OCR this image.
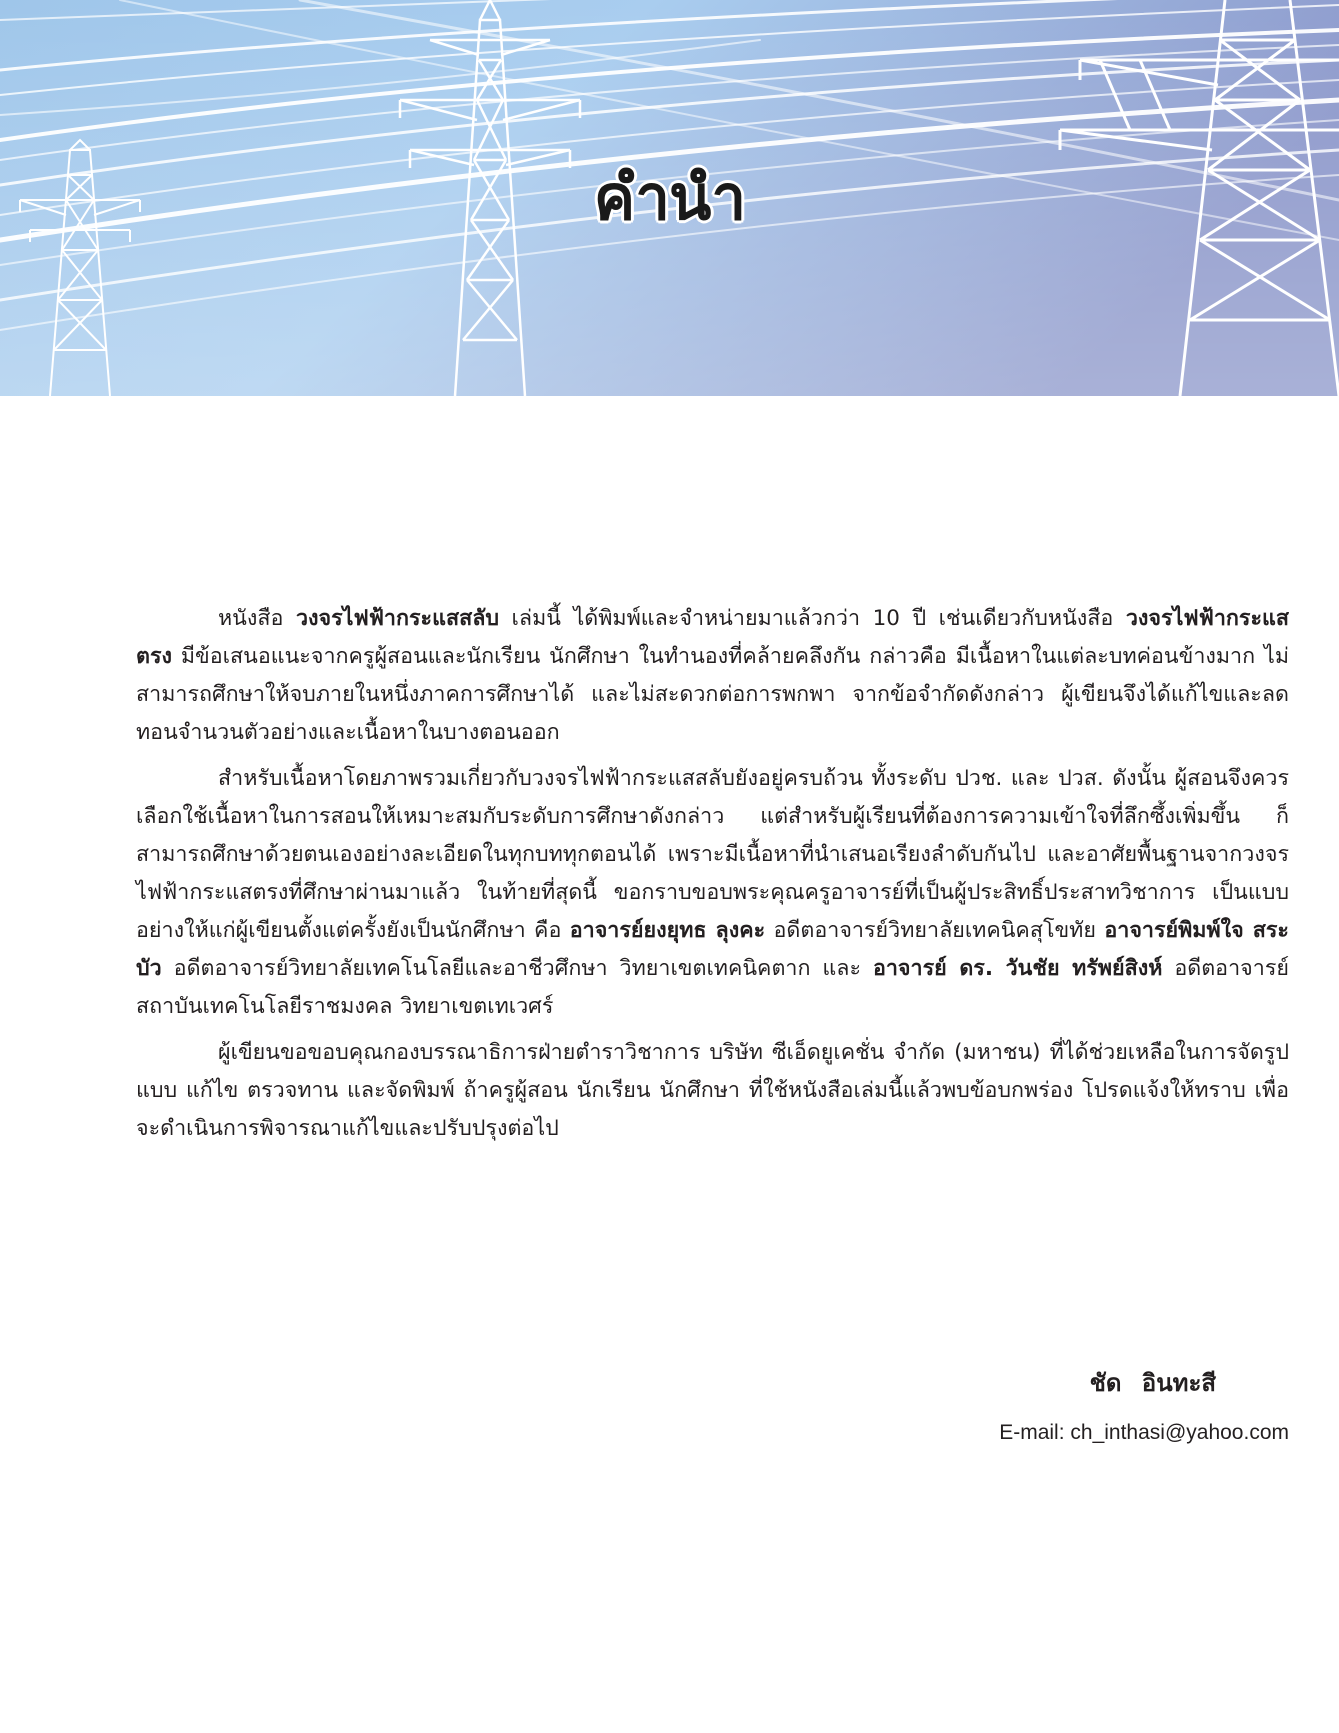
คำนำ

หนังสือ วงจรไฟฟ้ากระแสสลับ เล่มนี้ ได้พิมพ์และจำหน่ายมาแล้วกว่า 10 ปี เช่นเดียวกับหนังสือ วงจรไฟฟ้ากระแสตรง มีข้อเสนอแนะจากครูผู้สอนและนักเรียน นักศึกษา ในทำนองที่คล้ายคลึงกัน กล่าวคือ มีเนื้อหาในแต่ละบทค่อนข้างมาก ไม่สามารถศึกษาให้จบภายในหนึ่งภาคการศึกษาได้ และไม่สะดวกต่อการพกพา จากข้อจำกัดดังกล่าว ผู้เขียนจึงได้แก้ไขและลดทอนจำนวนตัวอย่างและเนื้อหาในบางตอนออก

สำหรับเนื้อหาโดยภาพรวมเกี่ยวกับวงจรไฟฟ้ากระแสสลับยังอยู่ครบถ้วน ทั้งระดับ ปวช. และ ปวส. ดังนั้น ผู้สอนจึงควรเลือกใช้เนื้อหาในการสอนให้เหมาะสมกับระดับการศึกษาดังกล่าว แต่สำหรับผู้เรียนที่ต้องการความเข้าใจที่ลึกซึ้งเพิ่มขึ้น ก็สามารถศึกษาด้วยตนเองอย่างละเอียดในทุกบททุกตอนได้ เพราะมีเนื้อหาที่นำเสนอเรียงลำดับกันไป และอาศัยพื้นฐานจากวงจรไฟฟ้ากระแสตรงที่ศึกษาผ่านมาแล้ว ในท้ายที่สุดนี้ ขอกราบขอบพระคุณครูอาจารย์ที่เป็นผู้ประสิทธิ์ประสาทวิชาการ เป็นแบบอย่างให้แก่ผู้เขียนตั้งแต่ครั้งยังเป็นนักศึกษา คือ อาจารย์ยงยุทธ ลุงคะ อดีตอาจารย์วิทยาลัยเทคนิคสุโขทัย อาจารย์พิมพ์ใจ สระบัว อดีตอาจารย์วิทยาลัยเทคโนโลยีและอาชีวศึกษา วิทยาเขตเทคนิคตาก และ อาจารย์ ดร. วันชัย ทรัพย์สิงห์ อดีตอาจารย์สถาบันเทคโนโลยีราชมงคล วิทยาเขตเทเวศร์

ผู้เขียนขอขอบคุณกองบรรณาธิการฝ่ายตำราวิชาการ บริษัท ซีเอ็ดยูเคชั่น จำกัด (มหาชน) ที่ได้ช่วยเหลือในการจัดรูปแบบ แก้ไข ตรวจทาน และจัดพิมพ์ ถ้าครูผู้สอน นักเรียน นักศึกษา ที่ใช้หนังสือเล่มนี้แล้วพบข้อบกพร่อง โปรดแจ้งให้ทราบ เพื่อจะดำเนินการพิจารณาแก้ไขและปรับปรุงต่อไป

ชัด อินทะสี
E-mail: ch_inthasi@yahoo.com
